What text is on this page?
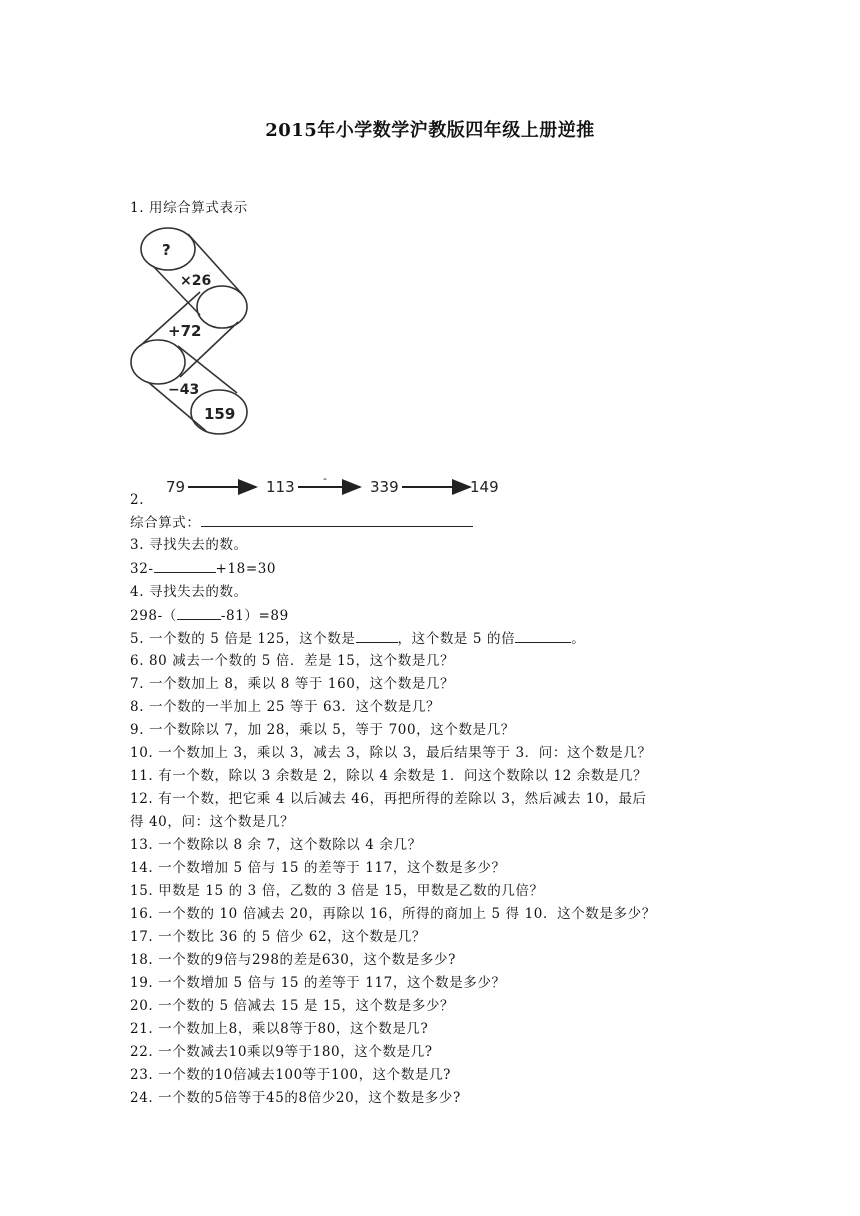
2015年小学数学沪教版四年级上册逆推
1. 用综合算式表示
?
×26
+72
−43
159
79	113	-	339	149
2.
综合算式：
3. 寻找失去的数。
32-	+18=30
4. 寻找失去的数。
298-（	-81）=89
5. 一个数的 5 倍是 125，这个数是	，这个数是 5 的倍	。
6. 80 减去一个数的 5 倍．差是 15，这个数是几？
7. 一个数加上 8，乘以 8 等于 160，这个数是几？
8. 一个数的一半加上 25 等于 63．这个数是几？
9. 一个数除以 7，加 28，乘以 5，等于 700，这个数是几？
10. 一个数加上 3，乘以 3，减去 3，除以 3，最后结果等于 3．问：这个数是几？
11. 有一个数，除以 3 余数是 2，除以 4 余数是 1．问这个数除以 12 余数是几？
12. 有一个数，把它乘 4 以后减去 46，再把所得的差除以 3，然后减去 10，最后
得 40，问：这个数是几？
13. 一个数除以 8 余 7，这个数除以 4 余几？
14. 一个数增加 5 倍与 15 的差等于 117，这个数是多少？
15. 甲数是 15 的 3 倍，乙数的 3 倍是 15，甲数是乙数的几倍？
16. 一个数的 10 倍减去 20，再除以 16，所得的商加上 5 得 10．这个数是多少？
17. 一个数比 36 的 5 倍少 62，这个数是几？
18. 一个数的9倍与298的差是630，这个数是多少?
19. 一个数增加 5 倍与 15 的差等于 117，这个数是多少？
20. 一个数的 5 倍减去 15 是 15，这个数是多少？
21. 一个数加上8，乘以8等于80，这个数是几?
22. 一个数减去10乘以9等于180，这个数是几?
23. 一个数的10倍减去100等于100，这个数是几?
24. 一个数的5倍等于45的8倍少20，这个数是多少?
